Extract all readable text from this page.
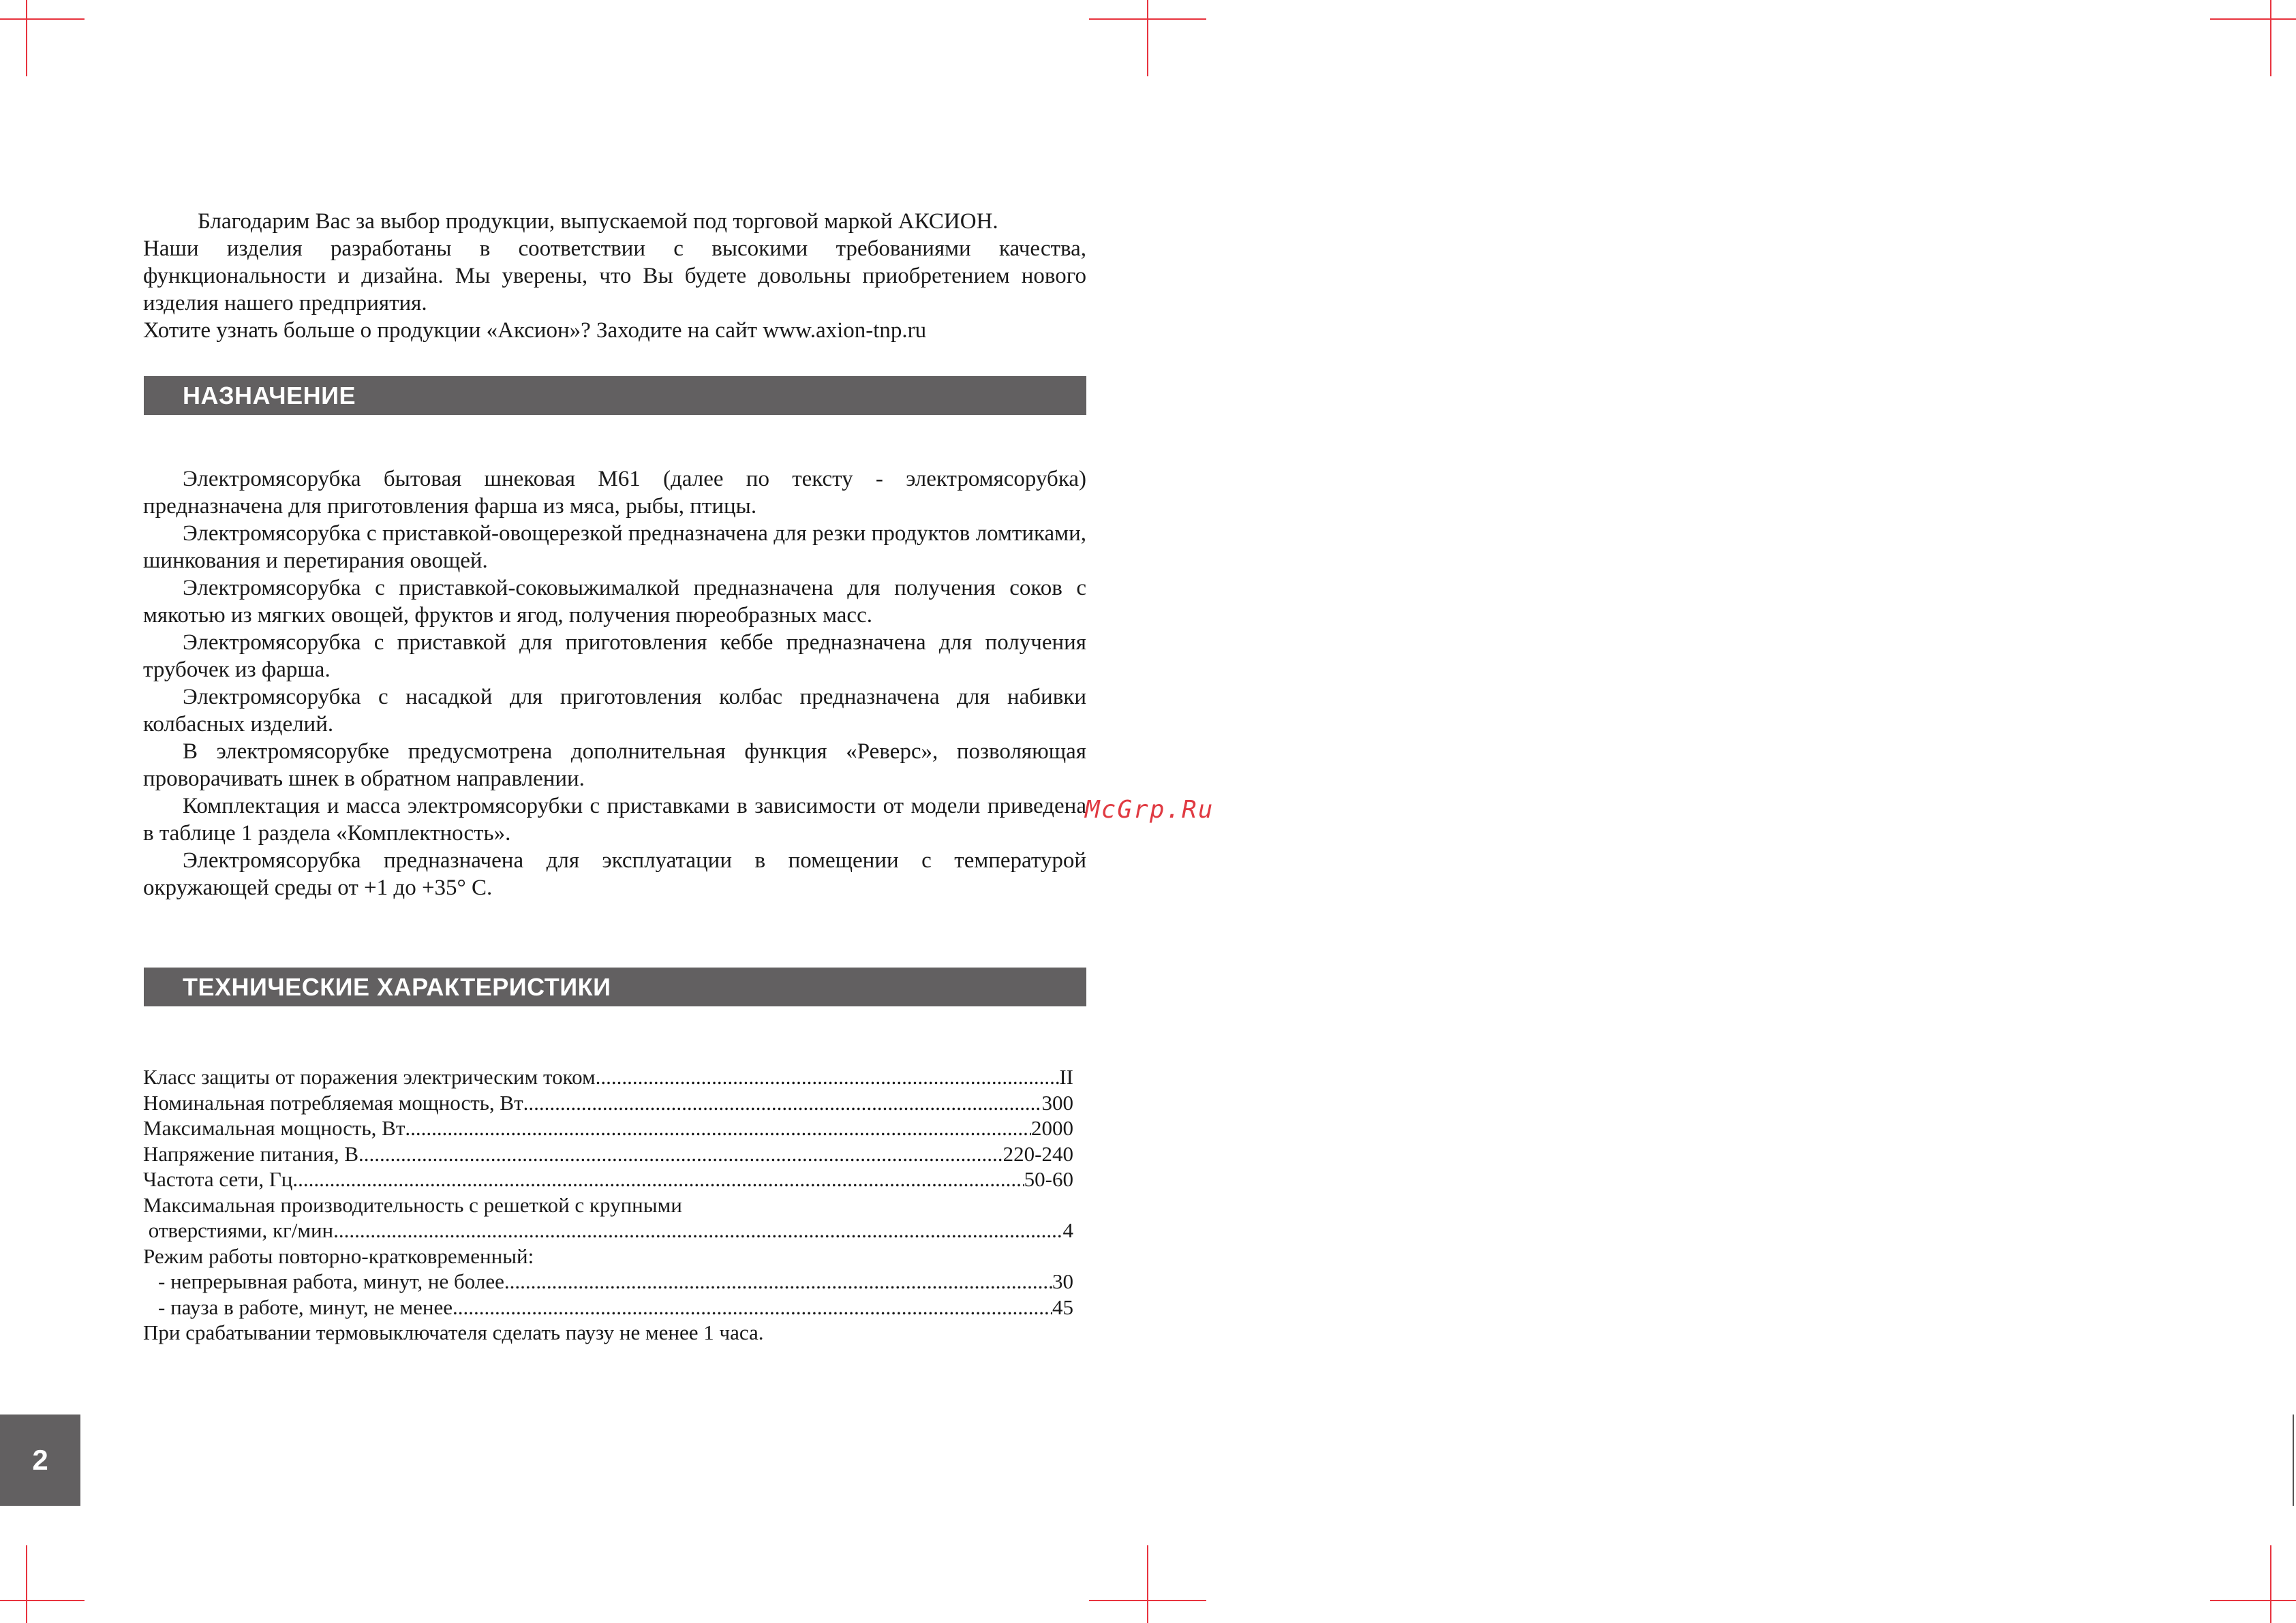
Благодарим Вас за выбор продукции, выпускаемой под торговой маркой АКСИОН.

Наши изделия разработаны в соответствии с высокими требованиями качества, функциональности и дизайна. Мы уверены, что Вы будете довольны приобретением нового изделия нашего предприятия.

Хотите узнать больше о продукции «Аксион»? Заходите на сайт www.axion-tnp.ru

НАЗНАЧЕНИЕ

Электромясорубка бытовая шнековая М61 (далее по тексту - электромясорубка) предназначена для приготовления фарша из мяса, рыбы, птицы.

Электромясорубка с приставкой-овощерезкой предназначена для резки продуктов ломтиками, шинкования и перетирания овощей.

Электромясорубка с приставкой-соковыжималкой предназначена для получения соков с мякотью из мягких овощей, фруктов и ягод, получения пюреобразных масс.

Электромясорубка с приставкой для приготовления кеббе предназначена для получения трубочек из фарша.

Электромясорубка с насадкой для приготовления колбас предназначена для набивки колбасных изделий.

В электромясорубке предусмотрена дополнительная функция «Реверс», позволяющая проворачивать шнек в обратном направлении.

Комплектация и масса электромясорубки с приставками в зависимости от модели приведена в таблице 1 раздела «Комплектность».

Электромясорубка предназначена для эксплуатации в помещении с температурой окружающей среды от +1 до +35° С.

McGrp.Ru
ТЕХНИЧЕСКИЕ ХАРАКТЕРИСТИКИ
Класс защиты от поражения электрическим током .....	II
Номинальная потребляемая мощность, Вт .....	300
Максимальная мощность, Вт .....	2000
Напряжение питания, В .....	220-240
Частота сети, Гц .....	50-60
Максимальная производительность с решеткой с крупными
отверстиями, кг/мин .....	4
Режим работы повторно-кратковременный:
- непрерывная работа, минут, не более .....	30
- пауза в работе, минут, не менее .....	45
При срабатывании термовыключателя сделать паузу не менее 1 часа.
2
